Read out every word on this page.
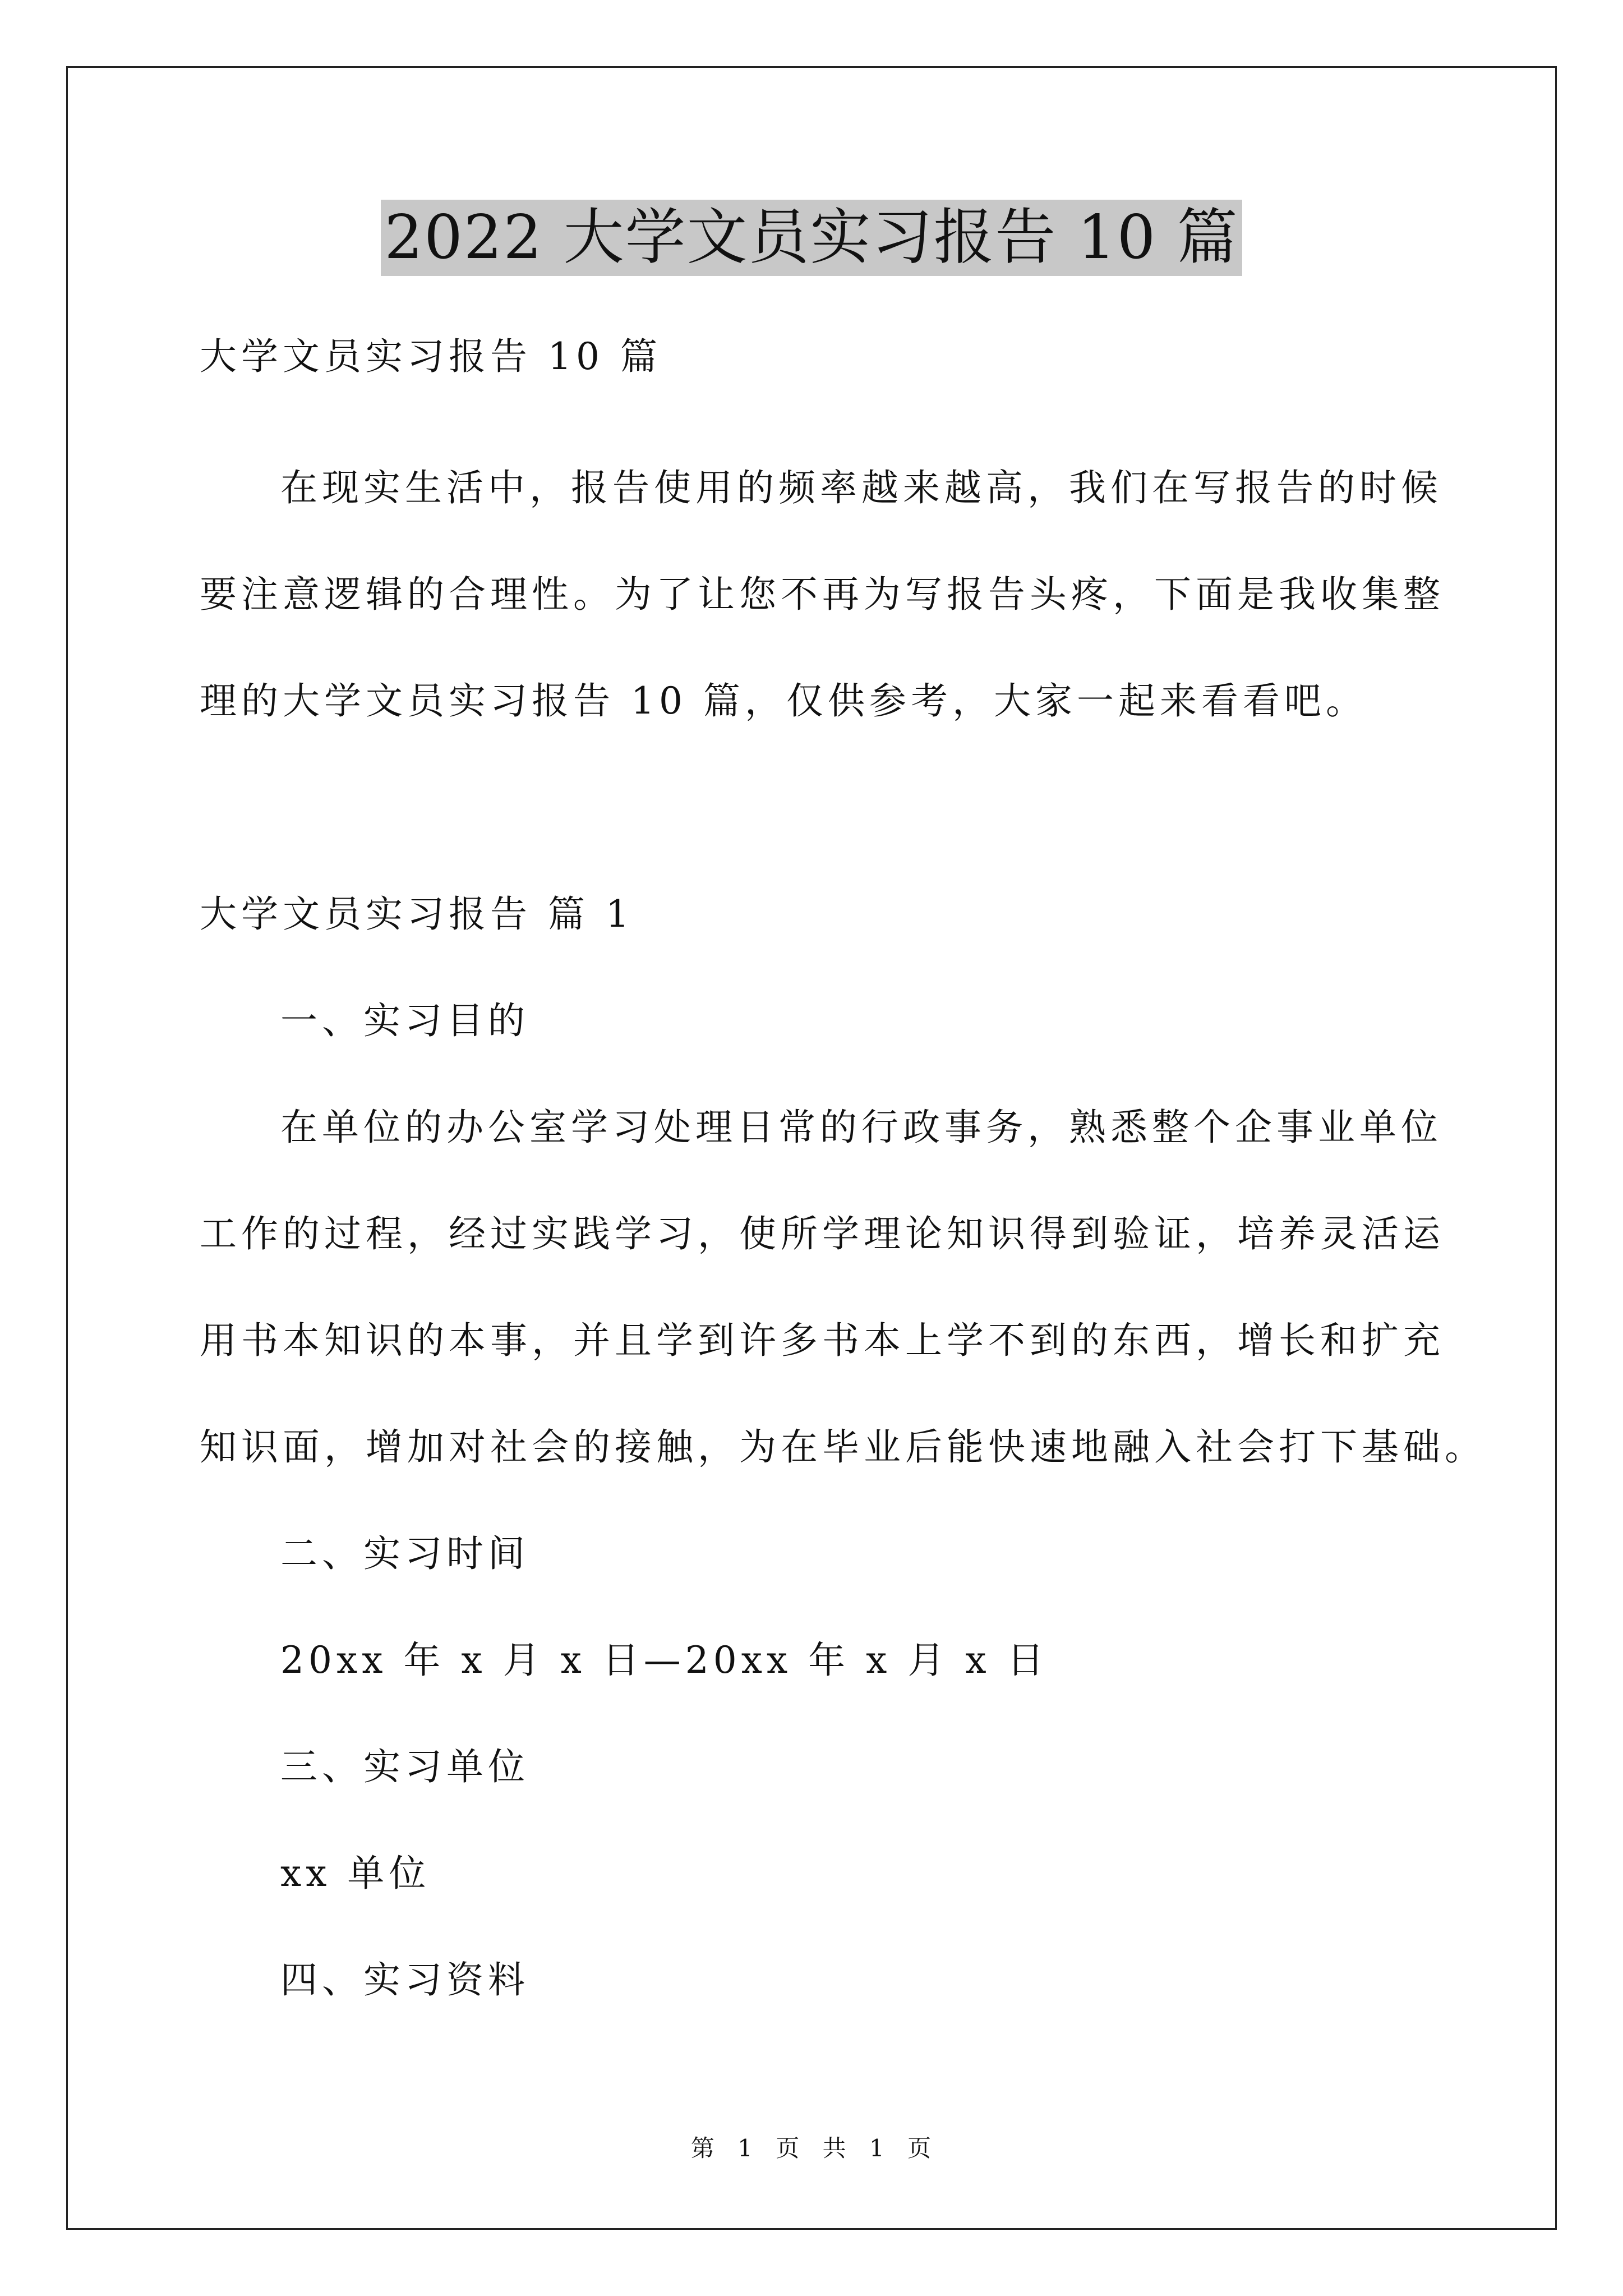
2022 大学文员实习报告 10 篇

大学文员实习报告 10 篇

在现实生活中，报告使用的频率越来越高，我们在写报告的时候

要注意逻辑的合理性。为了让您不再为写报告头疼，下面是我收集整

理的大学文员实习报告 10 篇，仅供参考，大家一起来看看吧。

大学文员实习报告 篇 1

一、实习目的

在单位的办公室学习处理日常的行政事务，熟悉整个企事业单位

工作的过程，经过实践学习，使所学理论知识得到验证，培养灵活运

用书本知识的本事，并且学到许多书本上学不到的东西，增长和扩充

知识面，增加对社会的接触，为在毕业后能快速地融入社会打下基础。

二、实习时间

20xx 年 x 月 x 日—20xx 年 x 月 x 日

三、实习单位

xx 单位

四、实习资料

第 1 页 共 1 页
